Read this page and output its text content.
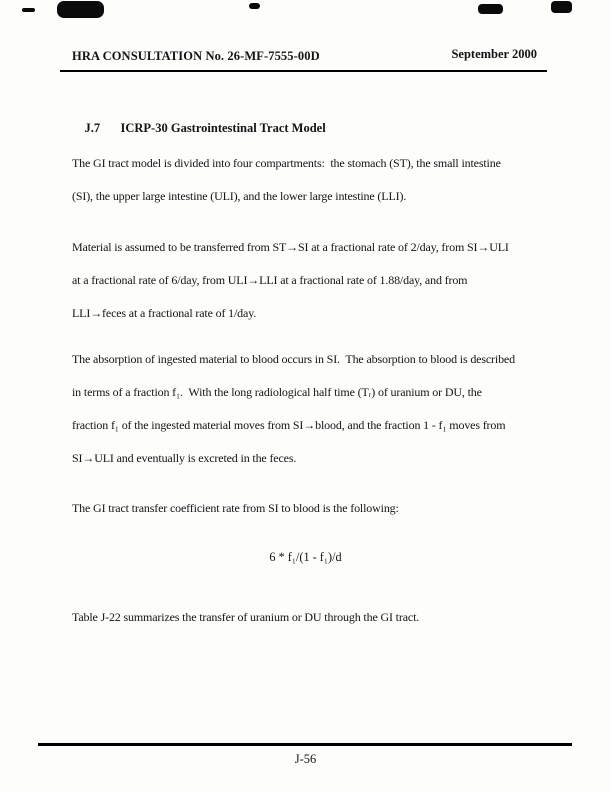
HRA CONSULTATION No. 26-MF-7555-00D	September 2000

J.7 ICRP-30 Gastrointestinal Tract Model

The GI tract model is divided into four compartments:  the stomach (ST), the small intestine
(SI), the upper large intestine (ULI), and the lower large intestine (LLI).
Material is assumed to be transferred from ST→SI at a fractional rate of 2/day, from SI→ULI
at a fractional rate of 6/day, from ULI→LLI at a fractional rate of 1.88/day, and from
LLI→feces at a fractional rate of 1/day.
The absorption of ingested material to blood occurs in SI.  The absorption to blood is described
in terms of a fraction f₁.  With the long radiological half time (Tᵣ) of uranium or DU, the
fraction f₁ of the ingested material moves from SI→blood, and the fraction 1 - f₁ moves from
SI→ULI and eventually is excreted in the feces.
The GI tract transfer coefficient rate from SI to blood is the following:
6 * f₁/(1 - f₁)/d
Table J-22 summarizes the transfer of uranium or DU through the GI tract.
J-56
